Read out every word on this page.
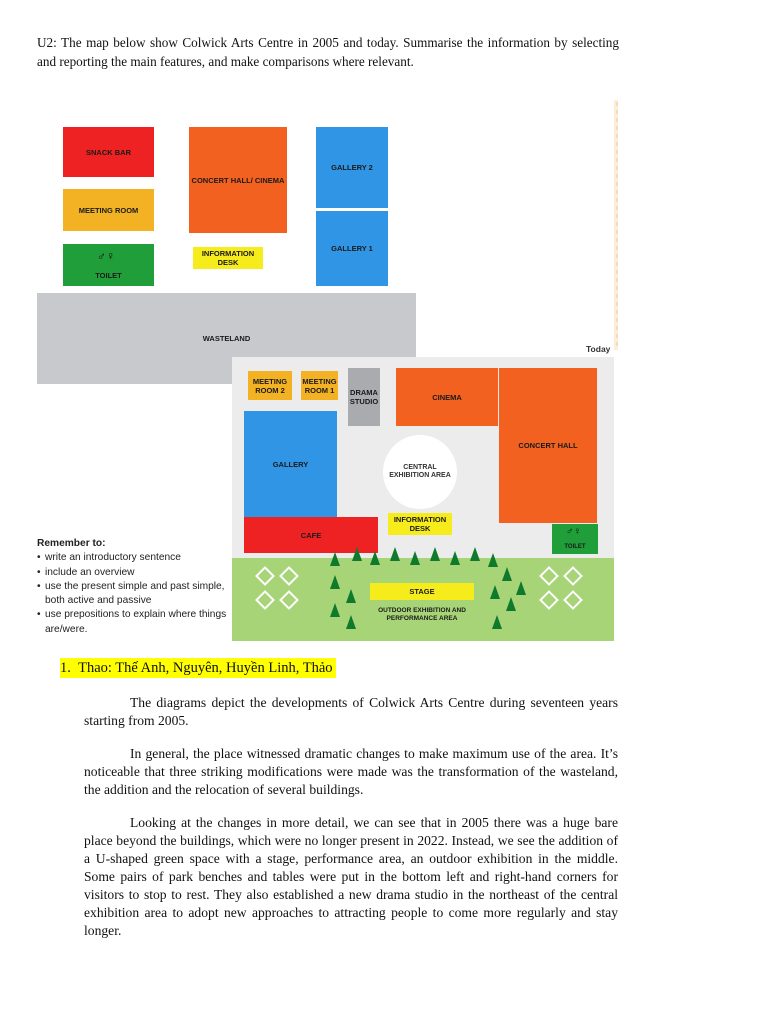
U2: The map below show Colwick Arts Centre in 2005 and today. Summarise the information by selecting and reporting the main features, and make comparisons where relevant.
SNACK BAR
MEETING ROOM
♂♀
TOILET
CONCERT HALL/ CINEMA
INFORMATION DESK
GALLERY 2
GALLERY 1
WASTELAND
Today
MEETING ROOM 2
MEETING ROOM 1	DRAMA STUDIO	CINEMA
GALLERY	CENTRAL EXHIBITION AREA
CONCERT HALL
CAFE
INFORMATION DESK	♂♀
TOILET
STAGE
OUTDOOR EXHIBITION AND PERFORMANCE AREA
Remember to:
• write an introductory sentence
• include an overview
• use the present simple and past simple, both active and passive
• use prepositions to explain where things are/were.
1.  Thao: Thế Anh, Nguyên, Huyền Linh, Thảo

The diagrams depict the developments of Colwick Arts Centre during seventeen years starting from 2005.

In general, the place witnessed dramatic changes to make maximum use of the area. It’s noticeable that three striking modifications were made was the transformation of the wasteland, the addition and the relocation of several buildings.

Looking at the changes in more detail, we can see that in 2005 there was a huge bare place beyond the buildings, which were no longer present in 2022. Instead, we see the addition of a U-shaped green space with a stage, performance area, an outdoor exhibition in the middle. Some pairs of park benches and tables were put in the bottom left and right-hand corners for visitors to stop to rest. They also established a new drama studio in the northeast of the central exhibition area to adopt new approaches to attracting people to come more regularly and stay longer.
